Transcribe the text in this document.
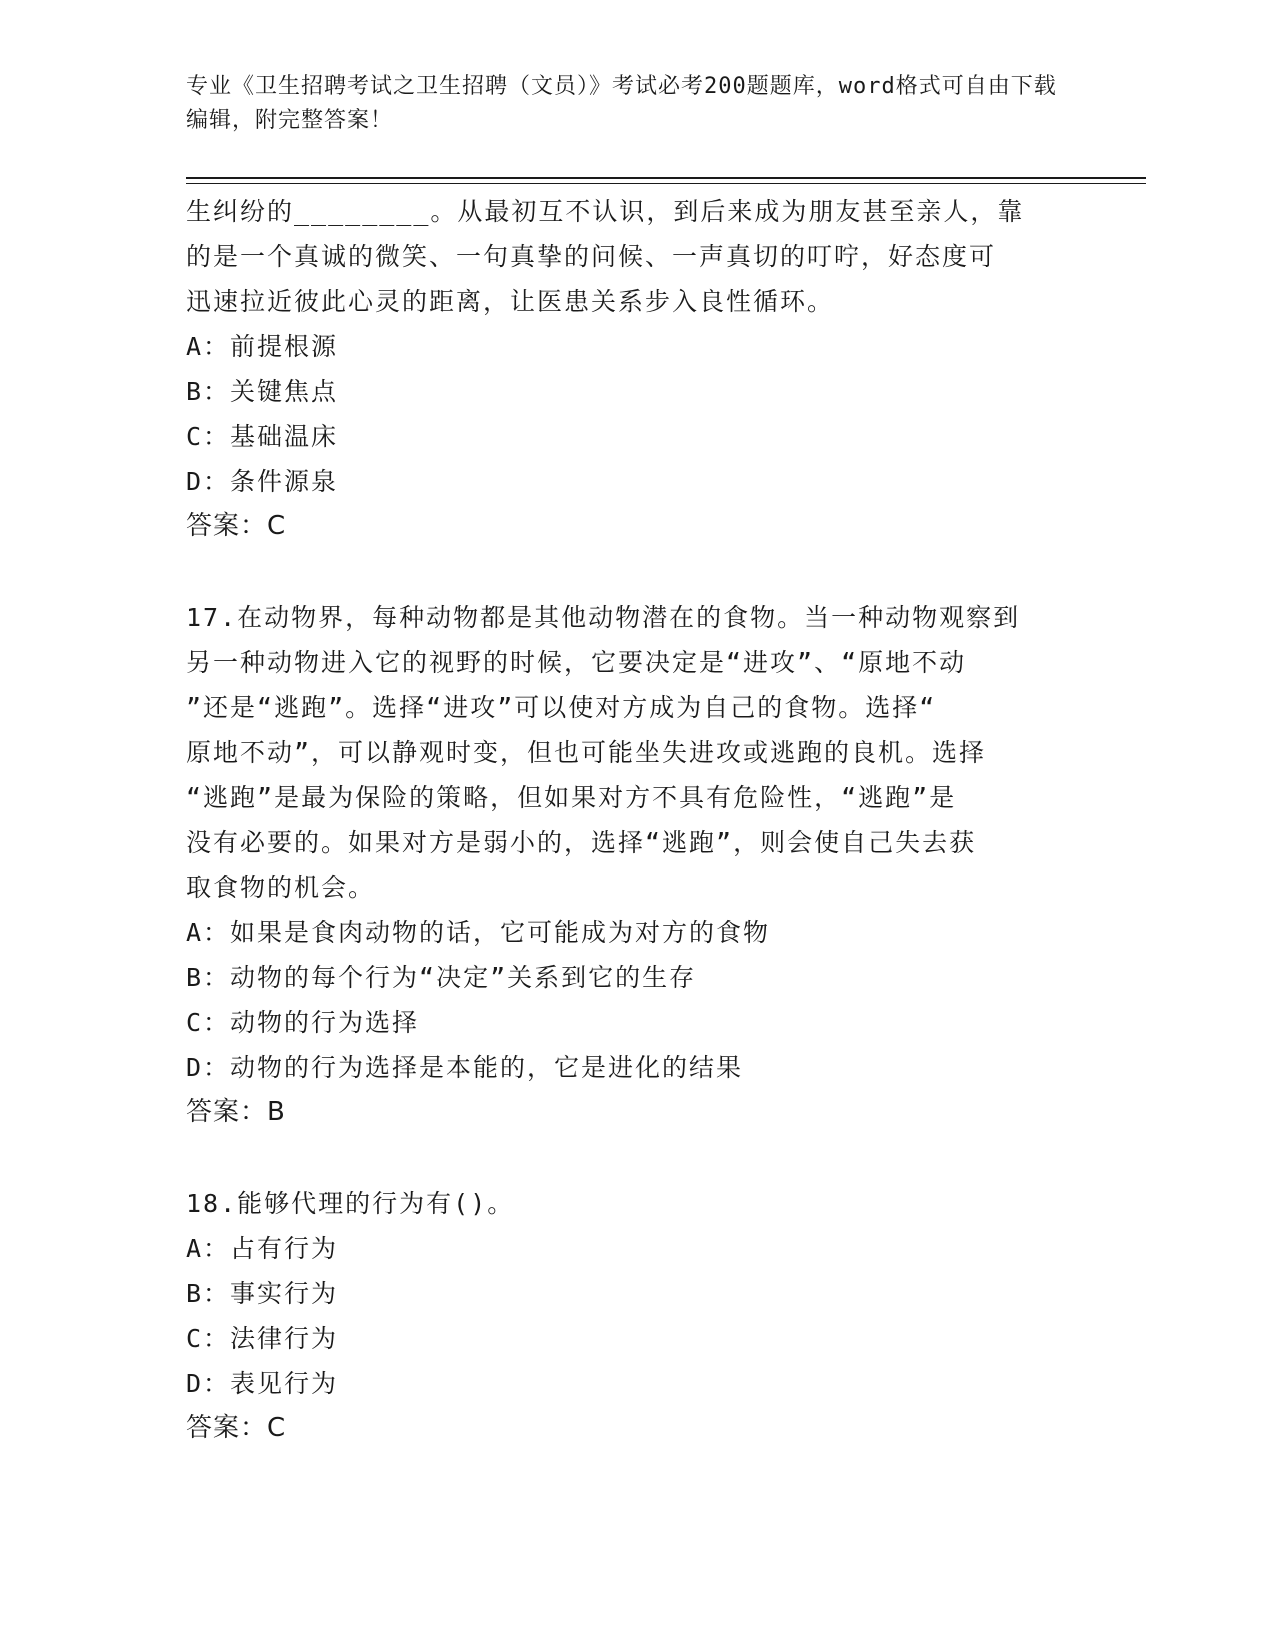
专业《卫生招聘考试之卫生招聘（文员）》考试必考200题题库，word格式可自由下载编辑，附完整答案！

生纠纷的________。从最初互不认识，到后来成为朋友甚至亲人，靠

的是一个真诚的微笑、一句真挚的问候、一声真切的叮咛，好态度可

迅速拉近彼此心灵的距离，让医患关系步入良性循环。

A：前提根源

B：关键焦点

C：基础温床

D：条件源泉

答案：C

17.在动物界，每种动物都是其他动物潜在的食物。当一种动物观察到

另一种动物进入它的视野的时候，它要决定是“进攻”、“原地不动

”还是“逃跑”。选择“进攻”可以使对方成为自己的食物。选择“

原地不动”，可以静观时变，但也可能坐失进攻或逃跑的良机。选择

“逃跑”是最为保险的策略，但如果对方不具有危险性，“逃跑”是

没有必要的。如果对方是弱小的，选择“逃跑”，则会使自己失去获

取食物的机会。

A：如果是食肉动物的话，它可能成为对方的食物

B：动物的每个行为“决定”关系到它的生存

C：动物的行为选择

D：动物的行为选择是本能的，它是进化的结果

答案：B

18.能够代理的行为有()。

A：占有行为

B：事实行为

C：法律行为

D：表见行为

答案：C
